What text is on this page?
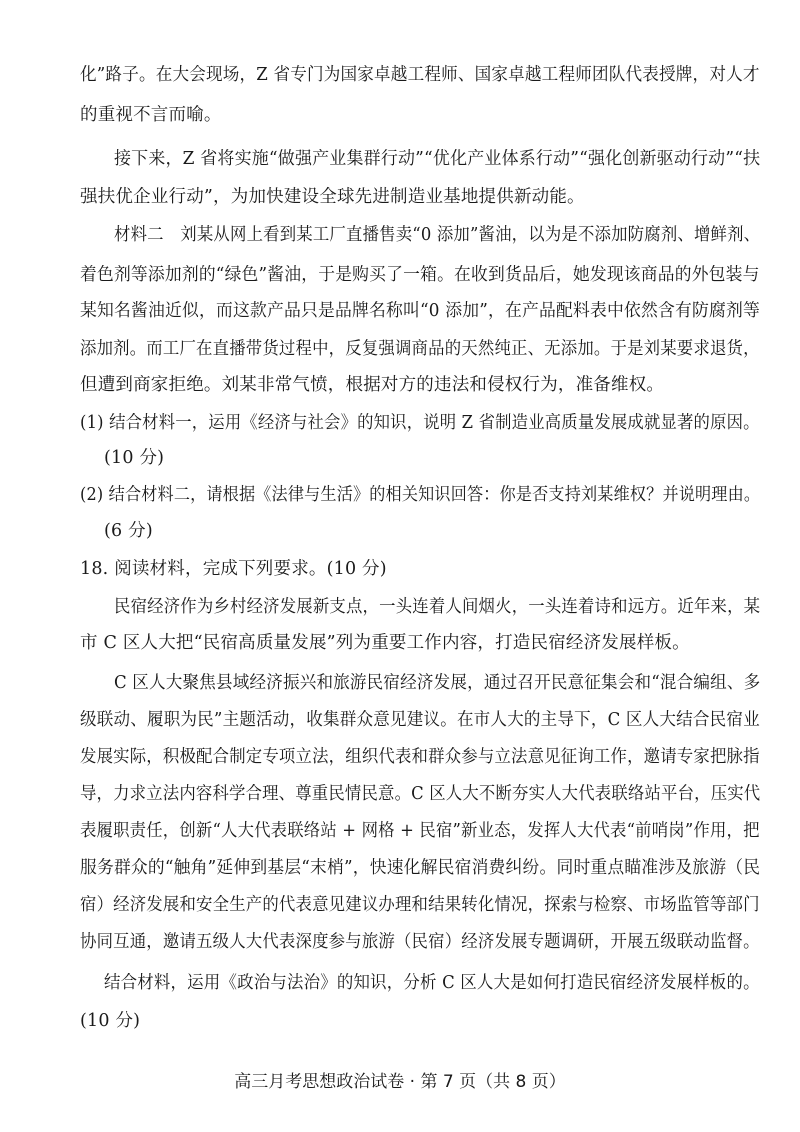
化”路子。在大会现场，Z 省专门为国家卓越工程师、国家卓越工程师团队代表授牌，对人才
的重视不言而喻。
接下来，Z 省将实施“做强产业集群行动”“优化产业体系行动”“强化创新驱动行动”“扶
强扶优企业行动”，为加快建设全球先进制造业基地提供新动能。
材料二　刘某从网上看到某工厂直播售卖“0 添加”酱油，以为是不添加防腐剂、增鲜剂、
着色剂等添加剂的“绿色”酱油，于是购买了一箱。在收到货品后，她发现该商品的外包装与
某知名酱油近似，而这款产品只是品牌名称叫“0 添加”，在产品配料表中依然含有防腐剂等
添加剂。而工厂在直播带货过程中，反复强调商品的天然纯正、无添加。于是刘某要求退货，
但遭到商家拒绝。刘某非常气愤，根据对方的违法和侵权行为，准备维权。
(1) 结合材料一，运用《经济与社会》的知识，说明 Z 省制造业高质量发展成就显著的原因。
(10 分)
(2) 结合材料二，请根据《法律与生活》的相关知识回答：你是否支持刘某维权？并说明理由。
(6 分)
18. 阅读材料，完成下列要求。(10 分)
民宿经济作为乡村经济发展新支点，一头连着人间烟火，一头连着诗和远方。近年来，某
市 C 区人大把“民宿高质量发展”列为重要工作内容，打造民宿经济发展样板。
C 区人大聚焦县域经济振兴和旅游民宿经济发展，通过召开民意征集会和“混合编组、多
级联动、履职为民”主题活动，收集群众意见建议。在市人大的主导下，C 区人大结合民宿业
发展实际，积极配合制定专项立法，组织代表和群众参与立法意见征询工作，邀请专家把脉指
导，力求立法内容科学合理、尊重民情民意。C 区人大不断夯实人大代表联络站平台，压实代
表履职责任，创新“人大代表联络站 + 网格 + 民宿”新业态，发挥人大代表“前哨岗”作用，把
服务群众的“触角”延伸到基层“末梢”，快速化解民宿消费纠纷。同时重点瞄准涉及旅游（民
宿）经济发展和安全生产的代表意见建议办理和结果转化情况，探索与检察、市场监管等部门
协同互通，邀请五级人大代表深度参与旅游（民宿）经济发展专题调研，开展五级联动监督。
结合材料，运用《政治与法治》的知识，分析 C 区人大是如何打造民宿经济发展样板的。
(10 分)
高三月考思想政治试卷 · 第 7 页（共 8 页）
